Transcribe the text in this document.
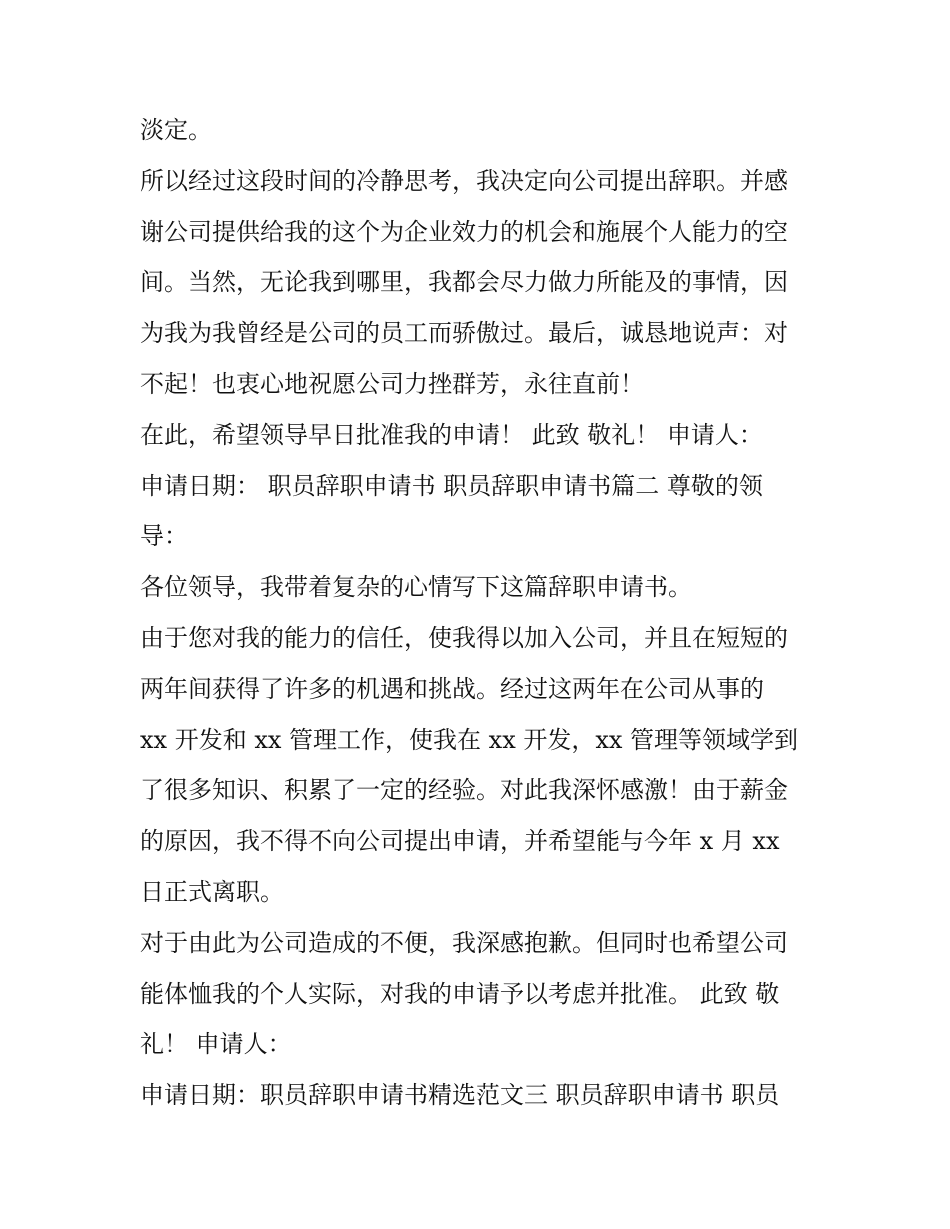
淡定。
所以经过这段时间的冷静思考，我决定向公司提出辞职。并感
谢公司提供给我的这个为企业效力的机会和施展个人能力的空
间。当然，无论我到哪里，我都会尽力做力所能及的事情，因
为我为我曾经是公司的员工而骄傲过。最后，诚恳地说声：对
不起！也衷心地祝愿公司力挫群芳，永往直前！
在此，希望领导早日批准我的申请！ 此致 敬礼！ 申请人：
申请日期： 职员辞职申请书 职员辞职申请书篇二 尊敬的领
导：
各位领导，我带着复杂的心情写下这篇辞职申请书。
由于您对我的能力的信任，使我得以加入公司，并且在短短的
两年间获得了许多的机遇和挑战。经过这两年在公司从事的
xx 开发和 xx 管理工作，使我在 xx 开发，xx 管理等领域学到
了很多知识、积累了一定的经验。对此我深怀感激！由于薪金
的原因，我不得不向公司提出申请，并希望能与今年 x 月 xx
日正式离职。
对于由此为公司造成的不便，我深感抱歉。但同时也希望公司
能体恤我的个人实际，对我的申请予以考虑并批准。 此致 敬
礼！ 申请人：
申请日期：职员辞职申请书精选范文三 职员辞职申请书 职员
